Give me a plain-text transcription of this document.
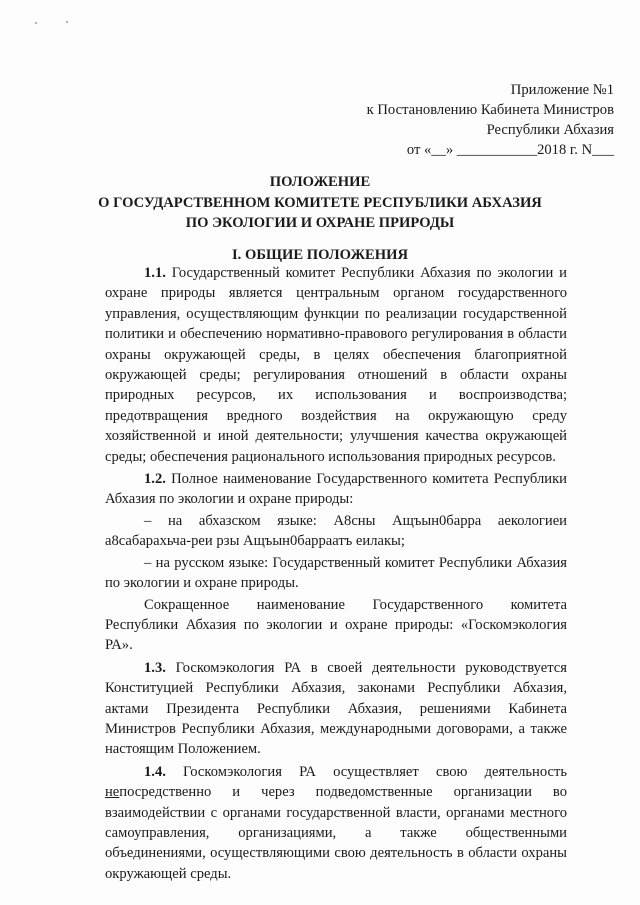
Приложение №1
к Постановлению Кабинета Министров
Республики Абхазия
от «__» ___________2018 г. N___
ПОЛОЖЕНИЕ
О ГОСУДАРСТВЕННОМ КОМИТЕТЕ РЕСПУБЛИКИ АБХАЗИЯ
ПО ЭКОЛОГИИ И ОХРАНЕ ПРИРОДЫ
I. ОБЩИЕ ПОЛОЖЕНИЯ

1.1. Государственный комитет Республики Абхазия по экологии и охране природы является центральным органом государственного управления, осуществляющим функции по реализации государственной политики и обеспечению нормативно-правового регулирования в области охраны окружающей среды, в целях обеспечения благоприятной окружающей среды; регулирования отношений в области охраны природных ресурсов, их использования и воспроизводства; предотвращения вредного воздействия на окружающую среду хозяйственной и иной деятельности; улучшения качества окружающей среды; обеспечения рационального использования природных ресурсов.

1.2. Полное наименование Государственного комитета Республики Абхазия по экологии и охране природы:

– на абхазском языке: А8сны Ащъын0барра аекологиеи а8сабарахьча-реи рзы Ащъын0барраатъ еилакы;

– на русском языке: Государственный комитет Республики Абхазия по экологии и охране природы.

Сокращенное наименование Государственного комитета Республики Абхазия по экологии и охране природы: «Госкомэкология РА».

1.3. Госкомэкология РА в своей деятельности руководствуется Конституцией Республики Абхазия, законами Республики Абхазия, актами Президента Республики Абхазия, решениями Кабинета Министров Республики Абхазия, международными договорами, а также настоящим Положением.

1.4. Госкомэкология РА осуществляет свою деятельность непосредственно и через подведомственные организации во взаимодействии с органами государственной власти, органами местного самоуправления, организациями, а также общественными объединениями, осуществляющими свою деятельность в области охраны окружающей среды.
